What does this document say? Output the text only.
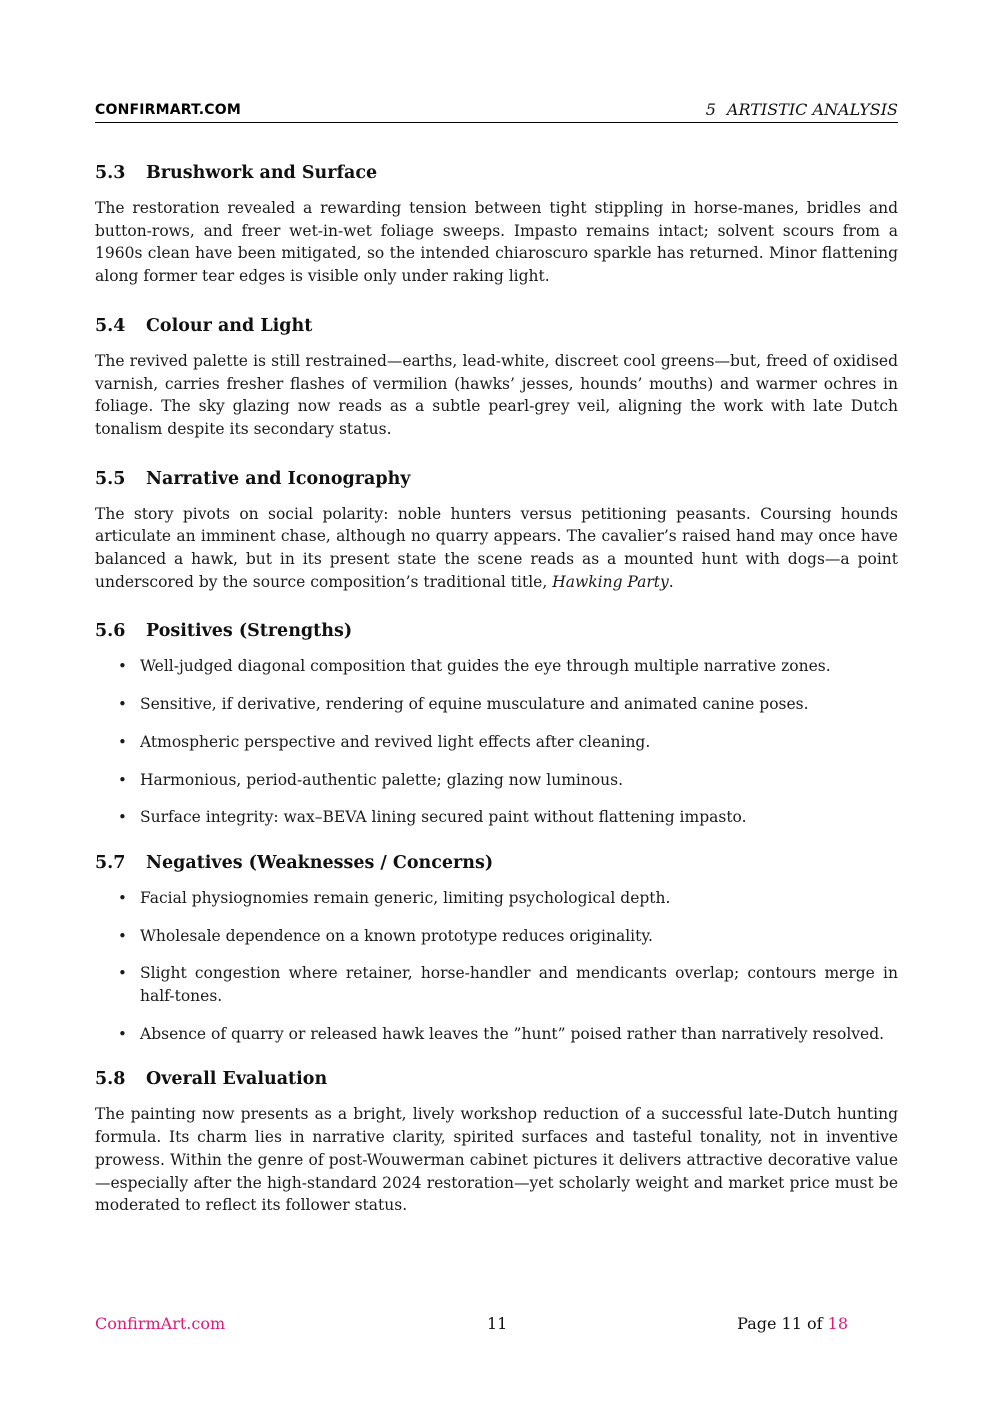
CONFIRMART.COM	5 ARTISTIC ANALYSIS
5.3 Brushwork and Surface

The restoration revealed a rewarding tension between tight stippling in horse-manes, bridles and button-rows, and freer wet-in-wet foliage sweeps. Impasto remains intact; solvent scours from a 1960s clean have been mitigated, so the intended chiaroscuro sparkle has returned. Minor flattening along former tear edges is visible only under raking light.

5.4 Colour and Light

The revived palette is still restrained—earths, lead-white, discreet cool greens—but, freed of oxidised varnish, carries fresher flashes of vermilion (hawks’ jesses, hounds’ mouths) and warmer ochres in foliage. The sky glazing now reads as a subtle pearl-grey veil, aligning the work with late Dutch tonalism despite its secondary status.

5.5 Narrative and Iconography

The story pivots on social polarity: noble hunters versus petitioning peasants. Coursing hounds articulate an imminent chase, although no quarry appears. The cavalier’s raised hand may once have balanced a hawk, but in its present state the scene reads as a mounted hunt with dogs—a point underscored by the source composition’s traditional title, Hawking Party.

5.6 Positives (Strengths)
• Well-judged diagonal composition that guides the eye through multiple narrative zones.
• Sensitive, if derivative, rendering of equine musculature and animated canine poses.
• Atmospheric perspective and revived light effects after cleaning.
• Harmonious, period-authentic palette; glazing now luminous.
• Surface integrity: wax–BEVA lining secured paint without flattening impasto.
5.7 Negatives (Weaknesses / Concerns)
• Facial physiognomies remain generic, limiting psychological depth.
• Wholesale dependence on a known prototype reduces originality.
• Slight congestion where retainer, horse-handler and mendicants overlap; contours merge in half-tones.
• Absence of quarry or released hawk leaves the ”hunt” poised rather than narratively resolved.
5.8 Overall Evaluation

The painting now presents as a bright, lively workshop reduction of a successful late-Dutch hunting formula. Its charm lies in narrative clarity, spirited surfaces and tasteful tonality, not in inventive prowess. Within the genre of post-Wouwerman cabinet pictures it delivers attractive decorative value—especially after the high-standard 2024 restoration—yet scholarly weight and market price must be moderated to reflect its follower status.

ConfirmArt.com	11	Page 11 of 18
